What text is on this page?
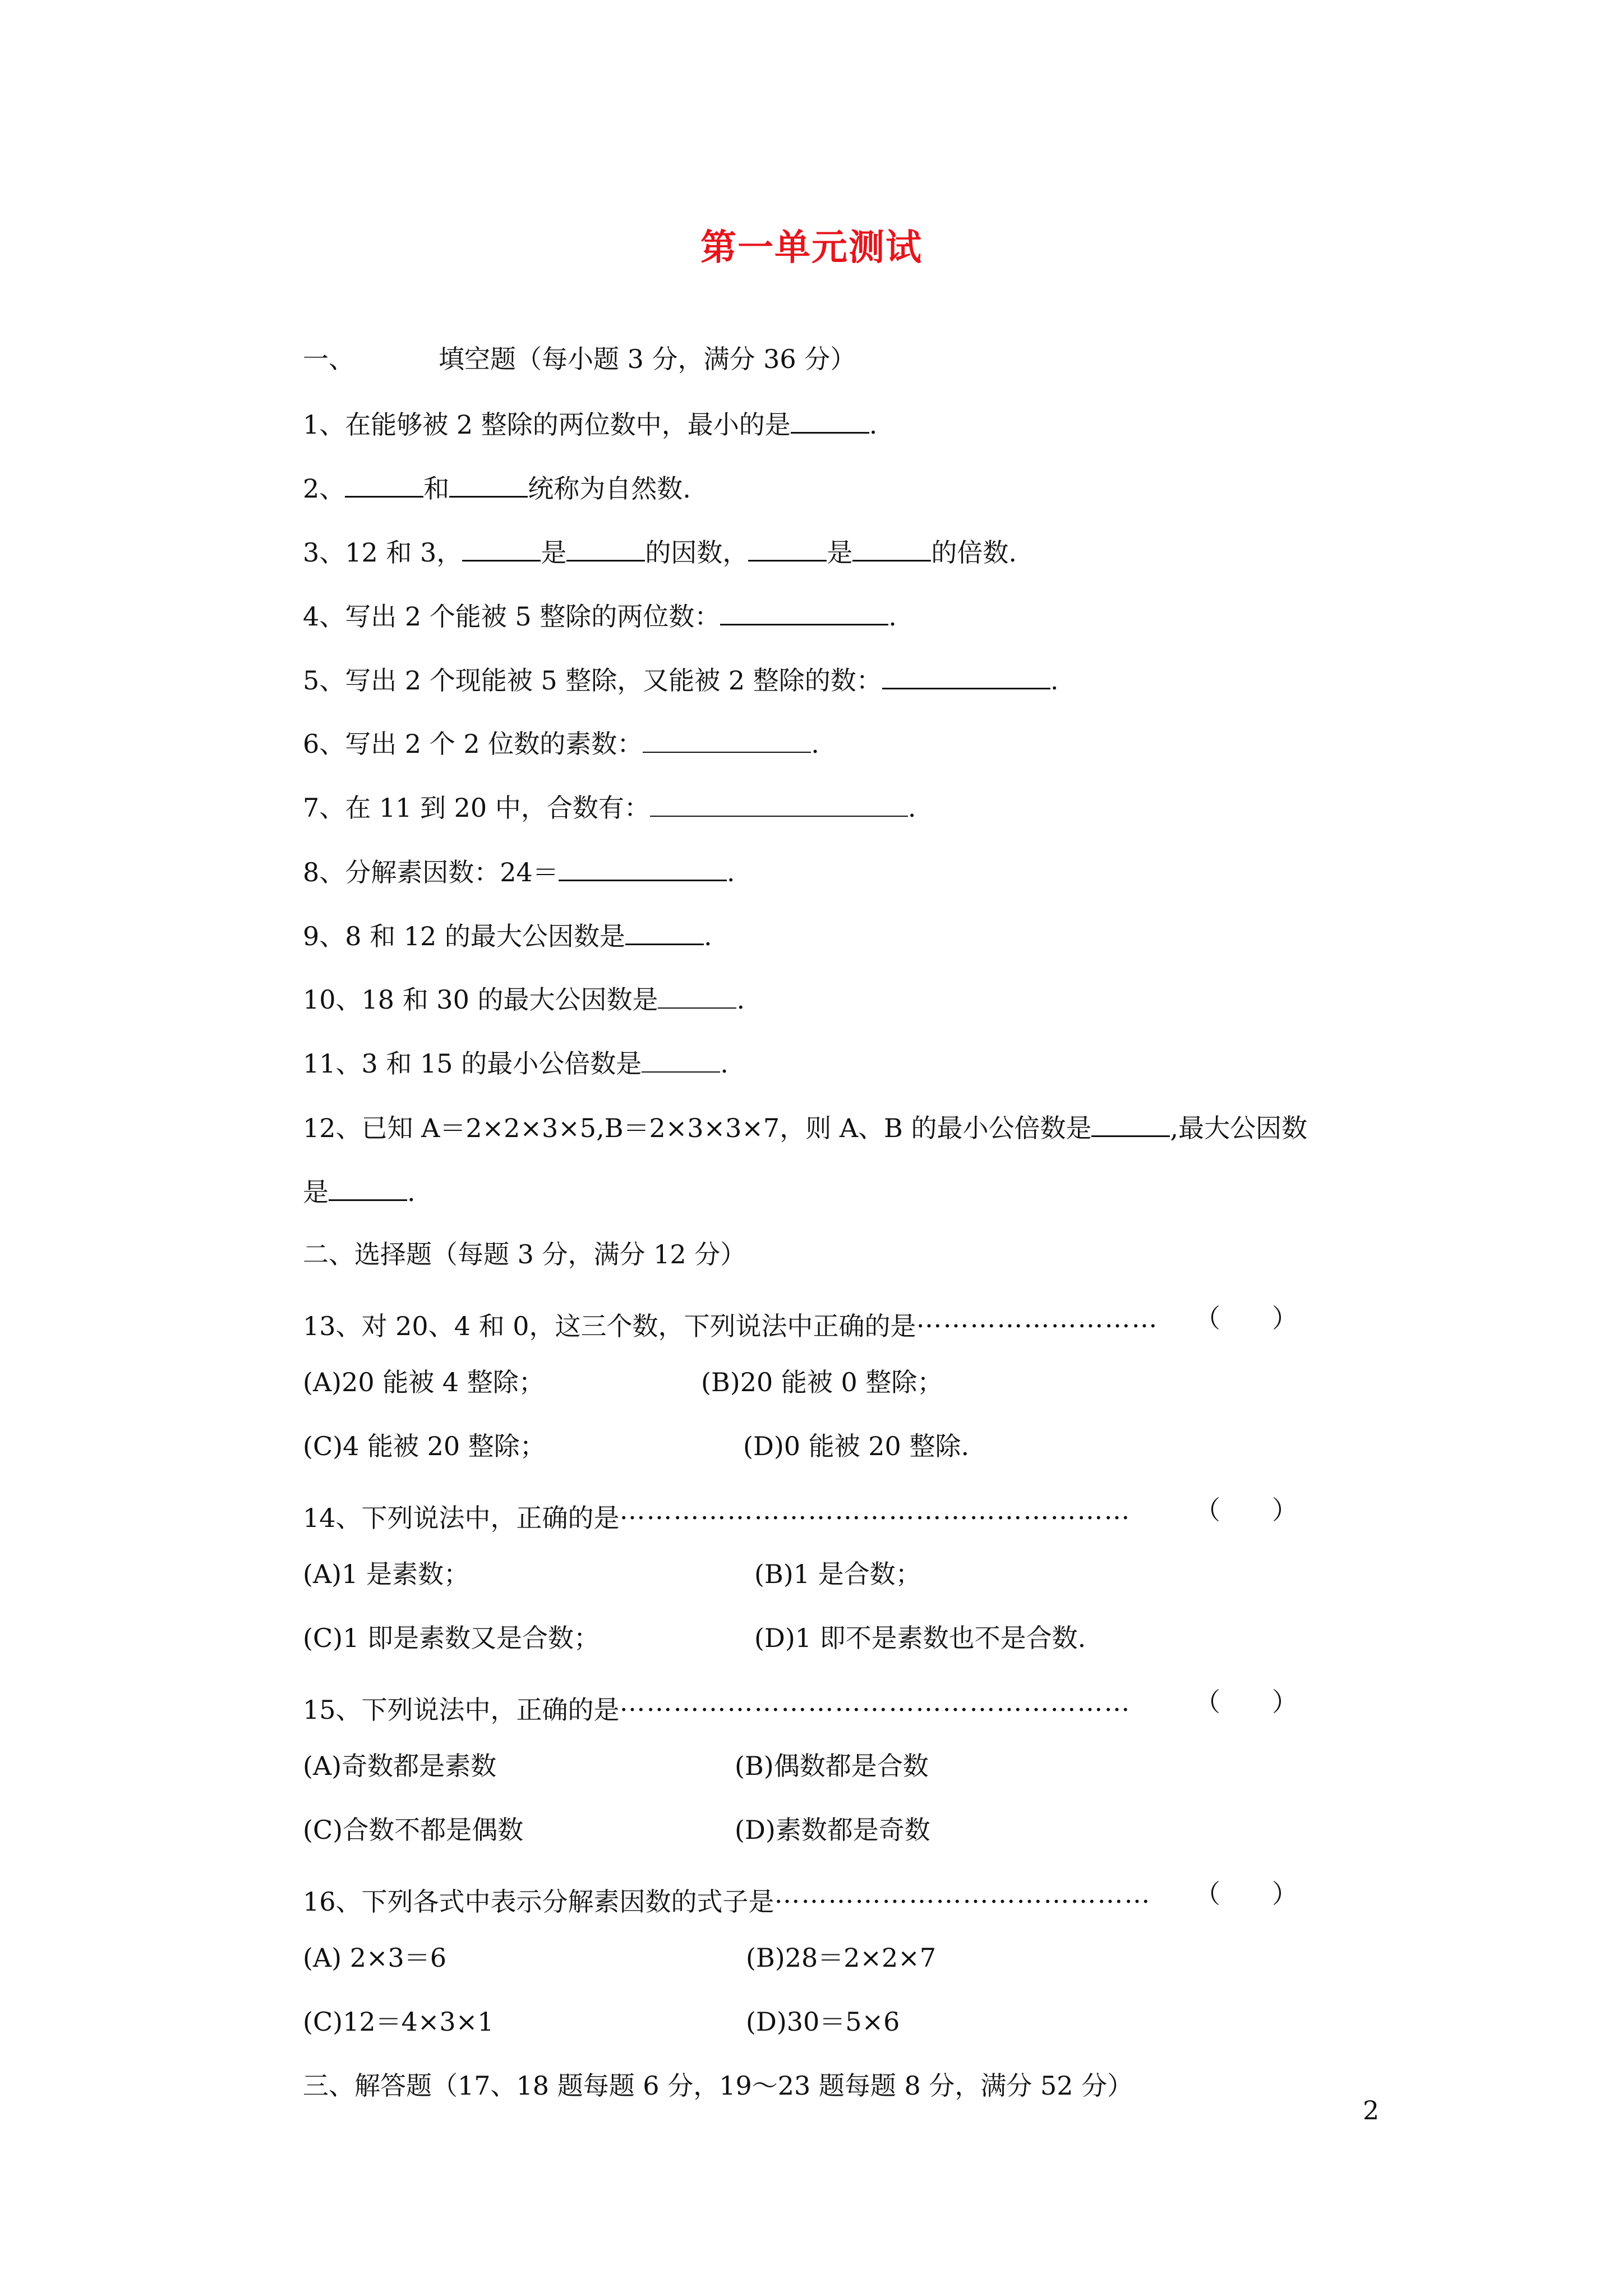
第一单元测试
一、	填空题（每小题 3 分，满分 36 分）
1、在能够被 2 整除的两位数中，最小的是	.
2、	和	统称为自然数.
3、12 和 3，	是	的因数，	是	的倍数.
4、写出 2 个能被 5 整除的两位数：	.
5、写出 2 个现能被 5 整除，又能被 2 整除的数：	.
6、写出 2 个 2 位数的素数：	.
7、在 11 到 20 中，合数有：	.
8、分解素因数：24＝	.
9、8 和 12 的最大公因数是	.
10、18 和 30 的最大公因数是	.
11、3 和 15 的最小公倍数是	.
12、已知 A＝2×2×3×5,B＝2×3×3×7，则 A、B 的最小公倍数是	,最大公因数
是	.
二、选择题（每题 3 分，满分 12 分）
13、对 20、4 和 0，这三个数，下列说法中正确的是……………………… （　　）
(A)20 能被 4 整除；	(B)20 能被 0 整除；
(C)4 能被 20 整除；	(D)0 能被 20 整除.
14、下列说法中，正确的是………………………………………………… （　　）
(A)1 是素数；	(B)1 是合数；
(C)1 即是素数又是合数；	(D)1 即不是素数也不是合数.
15、下列说法中，正确的是………………………………………………… （　　）
(A)奇数都是素数	(B)偶数都是合数
(C)合数不都是偶数	(D)素数都是奇数
16、下列各式中表示分解素因数的式子是…………………………………… （　　）
(A) 2×3＝6	(B)28＝2×2×7
(C)12＝4×3×1	(D)30＝5×6
三、解答题（17、18 题每题 6 分，19～23 题每题 8 分，满分 52 分）
2
